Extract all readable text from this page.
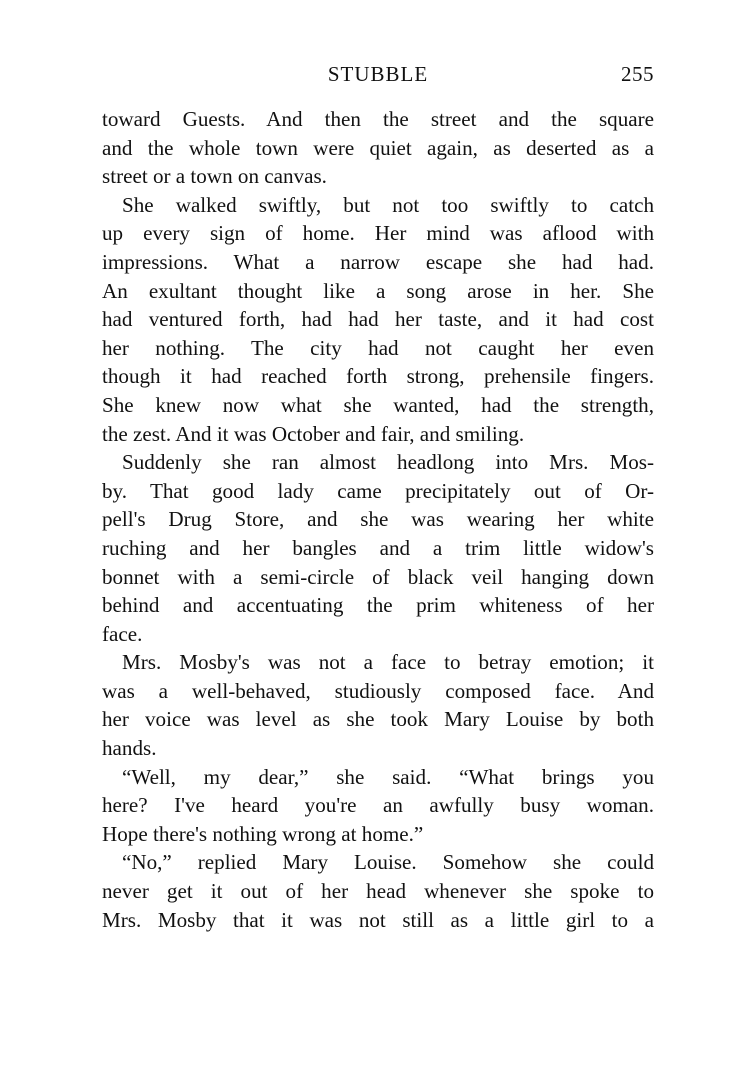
STUBBLE	255
toward Guests. And then the street and the square
and the whole town were quiet again, as deserted as a
street or a town on canvas.
She walked swiftly, but not too swiftly to catch
up every sign of home. Her mind was aflood with
impressions. What a narrow escape she had had.
An exultant thought like a song arose in her. She
had ventured forth, had had her taste, and it had cost
her nothing. The city had not caught her even
though it had reached forth strong, prehensile fingers.
She knew now what she wanted, had the strength,
the zest. And it was October and fair, and smiling.
Suddenly she ran almost headlong into Mrs. Mos-
by. That good lady came precipitately out of Or-
pell's Drug Store, and she was wearing her white
ruching and her bangles and a trim little widow's
bonnet with a semi-circle of black veil hanging down
behind and accentuating the prim whiteness of her
face.
Mrs. Mosby's was not a face to betray emotion; it
was a well-behaved, studiously composed face. And
her voice was level as she took Mary Louise by both
hands.
“Well, my dear,” she said. “What brings you
here? I've heard you're an awfully busy woman.
Hope there's nothing wrong at home.”
“No,” replied Mary Louise. Somehow she could
never get it out of her head whenever she spoke to
Mrs. Mosby that it was not still as a little girl to a
